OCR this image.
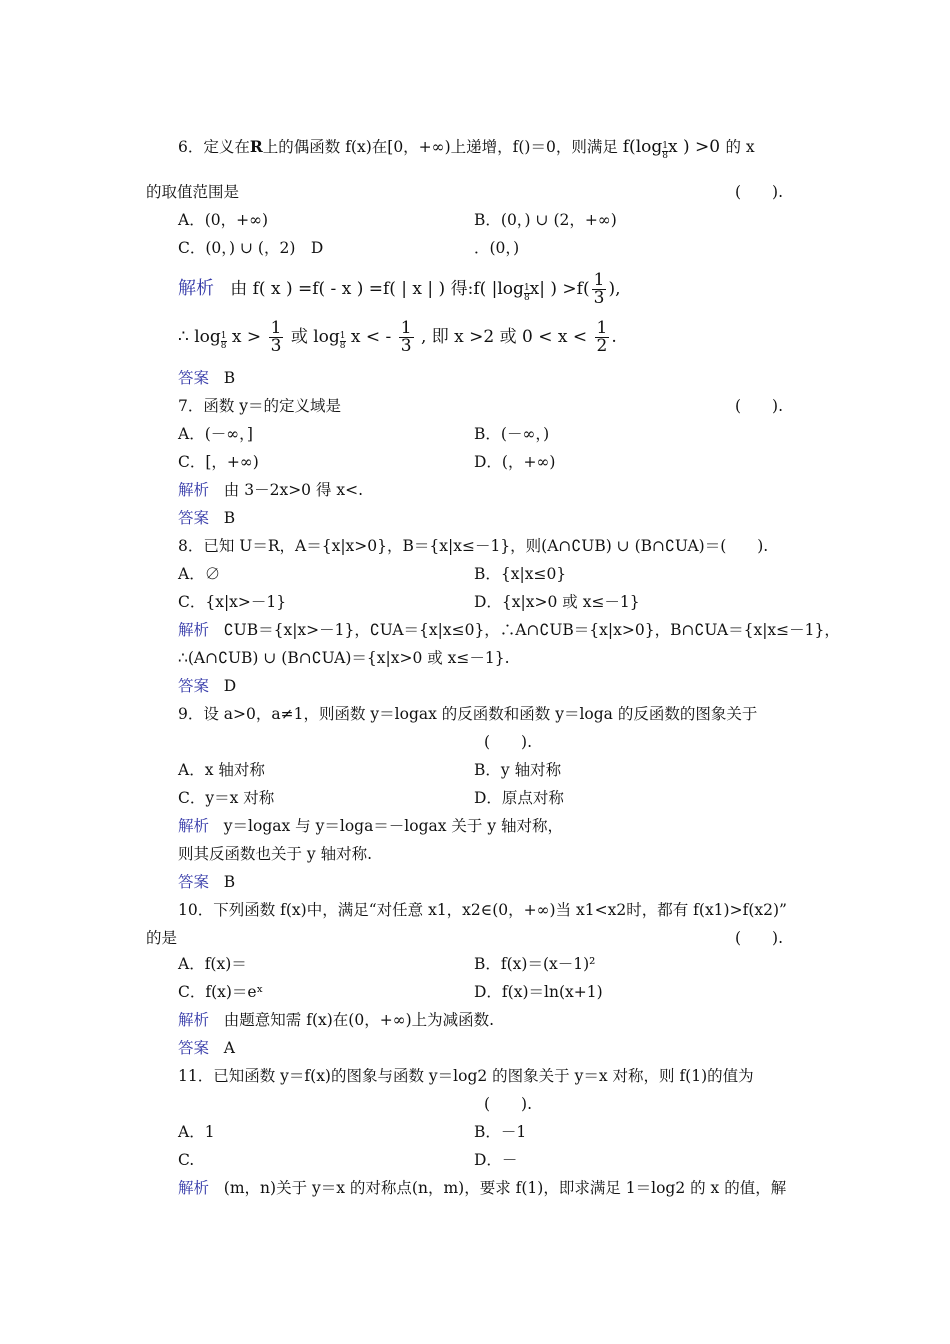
6．定义在R上的偶函数 f(x)在[0，+∞)上递增，f()＝0，则满足 $f(\log \frac{1}{8}$ x ) >0 的 x
的取值范围是	(　　).
A．(0，+∞)	B．(0，) ∪ (2，+∞)
C．(0，) ∪ (，2)　D	．(0，)
解析 由 f( x ) =f( - x ) =f( | x | ) 得:f( $|\log \frac{1}{8} x|$ ) $>f( \frac{1}{3}$ ),
∴ $\log \frac{1}{8}$ $x > \frac{1}{3}$ 或 $\log \frac{1}{8}$ x < - $\frac{1}{3}$ , 即 x >2 或 $0 < x < \frac{1}{2}$ .
答案 B
7．函数 y＝的定义域是	(　　).
A．(－∞，]	B．(－∞，)
C．[，+∞)	D．(，+∞)
解析 由 3－2x>0 得 x<.
答案 B
8．已知 U＝R，A＝{x|x>0}，B＝{x|x≤－1}，则(A∩∁UB) ∪ (B∩∁UA)＝(　　).
A．∅	B．{x|x≤0}
C．{x|x>－1}	D．{x|x>0 或 x≤－1}
解析 ∁UB＝{x|x>－1}，∁UA＝{x|x≤0}，∴A∩∁UB＝{x|x>0}，B∩∁UA＝{x|x≤－1}，
∴(A∩∁UB) ∪ (B∩∁UA)＝{x|x>0 或 x≤－1}.
答案 D
9．设 a>0，a≠1，则函数 y＝logax 的反函数和函数 y＝loga 的反函数的图象关于
(　　).
A．x 轴对称	B．y 轴对称
C．y＝x 对称	D．原点对称
解析 y＝logax 与 y＝loga＝－logax 关于 y 轴对称，
则其反函数也关于 y 轴对称.
答案 B
10．下列函数 f(x)中，满足“对任意 x1，x2∈(0，+∞)当 x1<x2时，都有 f(x1)>f(x2)”
的是	(　　).
A．f(x)＝	B．f(x)＝(x－1)²
C．f(x)＝eˣ	D．f(x)＝ln(x+1)
解析 由题意知需 f(x)在(0，+∞)上为减函数.
答案 A
11．已知函数 y＝f(x)的图象与函数 y＝log2 的图象关于 y＝x 对称，则 f(1)的值为
(　　).
A．1	B．－1
C.	D．－
解析 (m，n)关于 y＝x 的对称点(n，m)，要求 f(1)，即求满足 1＝log2 的 x 的值，解
